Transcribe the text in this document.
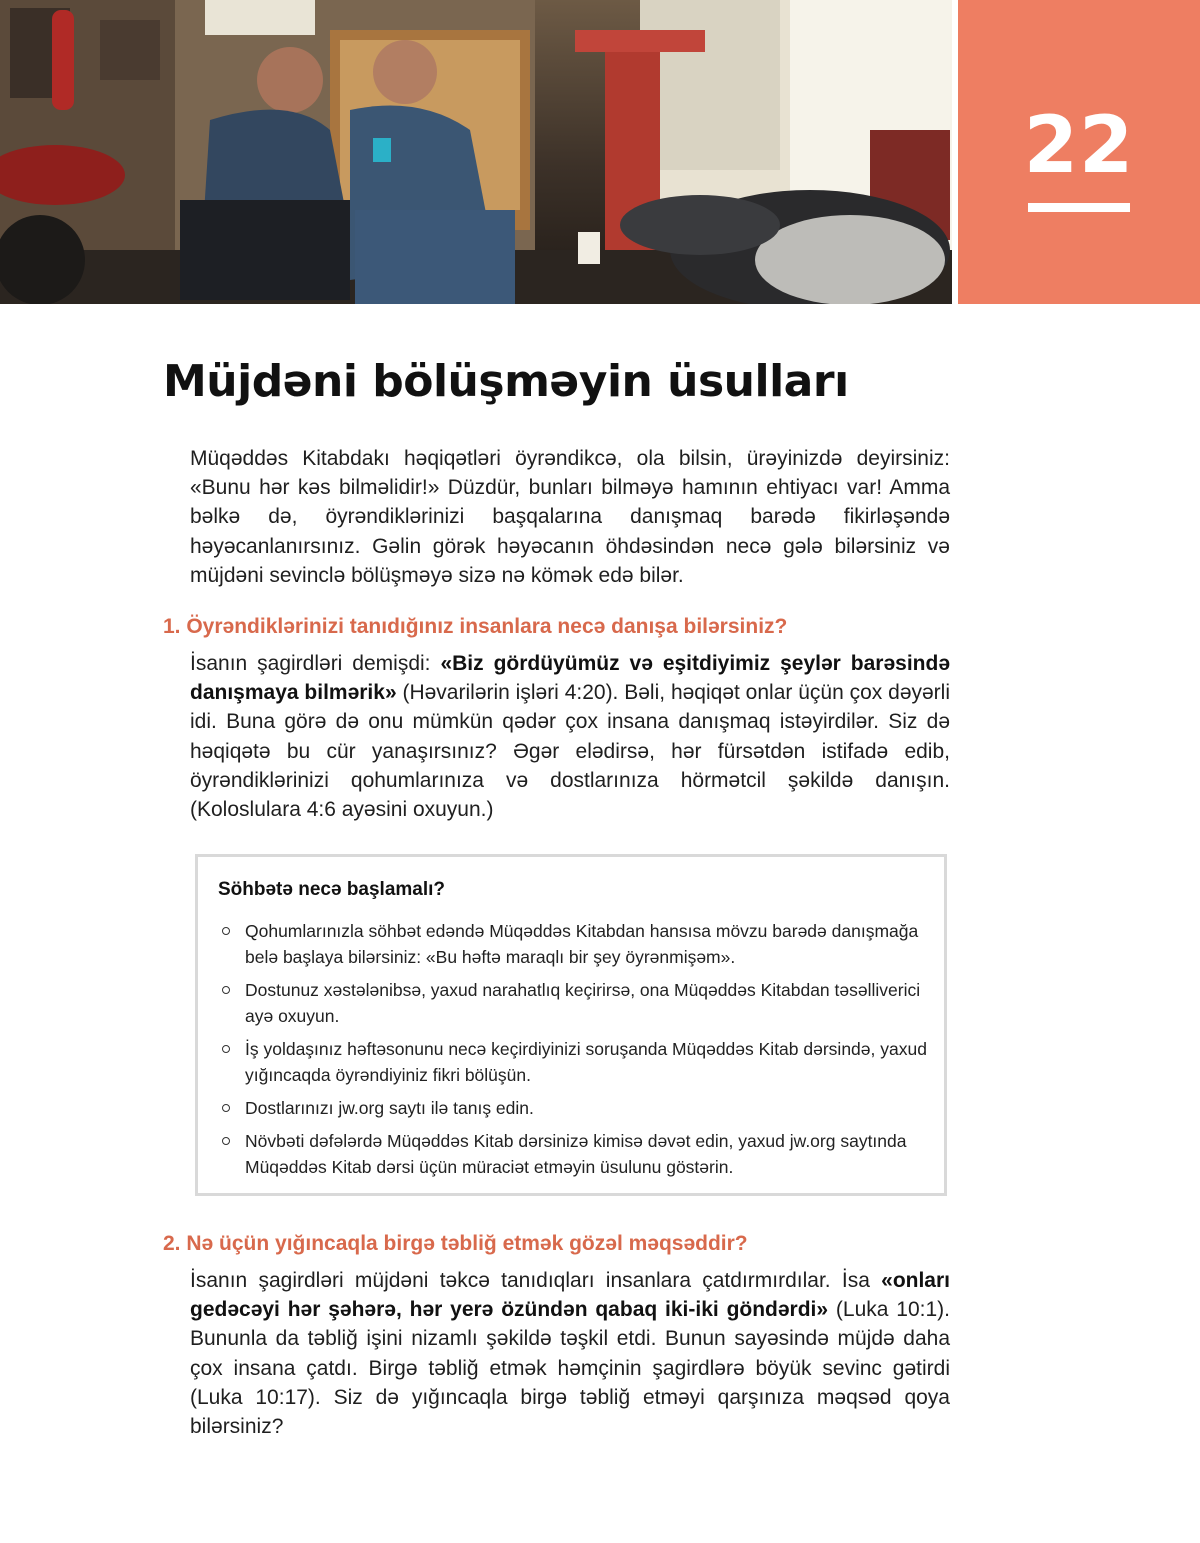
22
Müjdəni bölüşməyin üsulları

Müqəddəs Kitabdakı həqiqətləri öyrəndikcə, ola bilsin, ürəyinizdə deyirsiniz: «Bunu hər kəs bilməlidir!» Düzdür, bunları bilməyə hamının ehtiyacı var! Amma bəlkə də, öyrəndiklərinizi başqalarına danışmaq barədə fikirləşəndə həyəcanlanırsınız. Gəlin görək həyəcanın öhdəsindən necə gələ bilərsiniz və müjdəni sevinclə bölüşməyə sizə nə kömək edə bilər.

1. Öyrəndiklərinizi tanıdığınız insanlara necə danışa bilərsiniz?

İsanın şagirdləri demişdi: «Biz gördüyümüz və eşitdiyimiz şeylər barəsində danışmaya bilmərik» (Həvarilərin işləri 4:20). Bəli, həqiqət onlar üçün çox dəyərli idi. Buna görə də onu mümkün qədər çox insana danışmaq istəyirdilər. Siz də həqiqətə bu cür yanaşırsınız? Əgər elədirsə, hər fürsətdən istifadə edib, öyrəndiklərinizi qohumlarınıza və dostlarınıza hörmətcil şəkildə danışın. (Koloslulara 4:6 ayəsini oxuyun.)

Söhbətə necə başlamalı?
Qohumlarınızla söhbət edəndə Müqəddəs Kitabdan hansısa mövzu barədə danışmağa belə başlaya bilərsiniz: «Bu həftə maraqlı bir şey öyrənmişəm».
Dostunuz xəstələnibsə, yaxud narahatlıq keçirirsə, ona Müqəddəs Kitabdan təsəlliverici ayə oxuyun.
İş yoldaşınız həftəsonunu necə keçirdiyinizi soruşanda Müqəddəs Kitab dərsində, yaxud yığıncaqda öyrəndiyiniz fikri bölüşün.
Dostlarınızı jw.org saytı ilə tanış edin.
Növbəti dəfələrdə Müqəddəs Kitab dərsinizə kimisə dəvət edin, yaxud jw.org saytında Müqəddəs Kitab dərsi üçün müraciət etməyin üsulunu göstərin.
2. Nə üçün yığıncaqla birgə təbliğ etmək gözəl məqsəddir?

İsanın şagirdləri müjdəni təkcə tanıdıqları insanlara çatdırmırdılar. İsa «onları gedəcəyi hər şəhərə, hər yerə özündən qabaq iki-iki göndərdi» (Luka 10:1). Bununla da təbliğ işini nizamlı şəkildə təşkil etdi. Bunun sayəsində müjdə daha çox insana çatdı. Birgə təbliğ etmək həmçinin şagirdlərə böyük sevinc gətirdi (Luka 10:17). Siz də yığıncaqla birgə təbliğ etməyi qarşınıza məqsəd qoya bilərsiniz?
